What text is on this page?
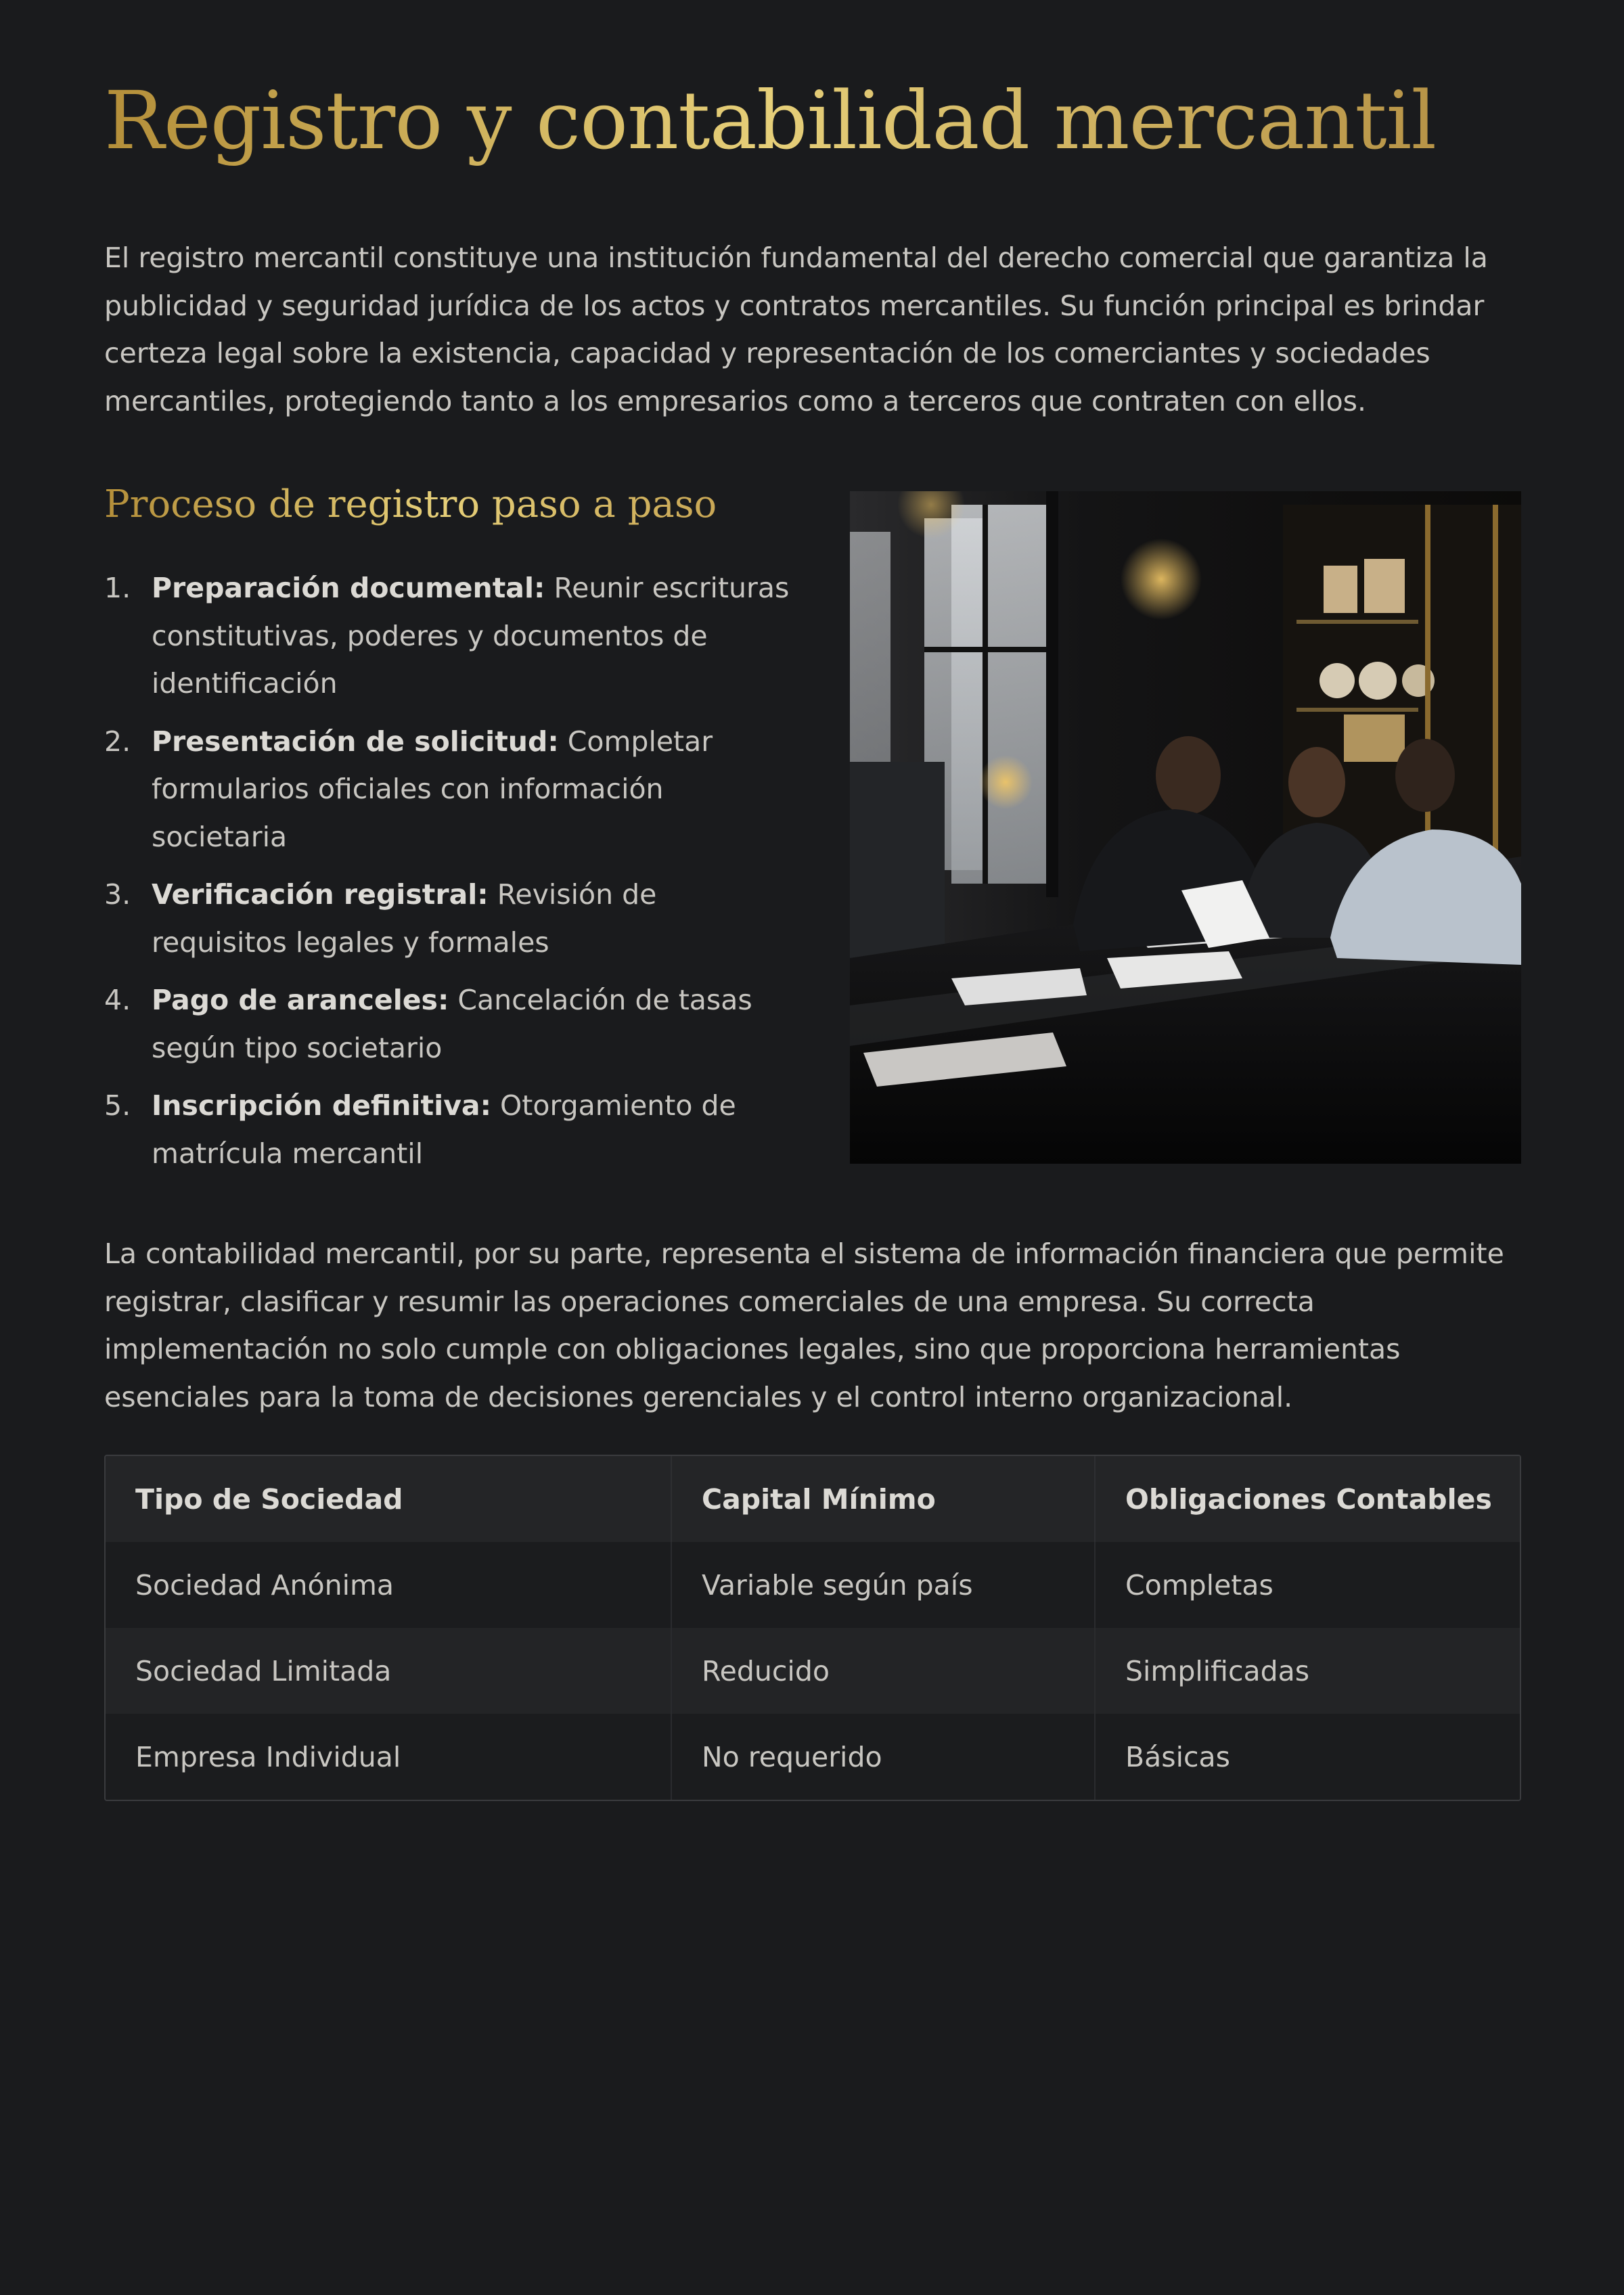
Registro y contabilidad mercantil

El registro mercantil constituye una institución fundamental del derecho comercial que garantiza la publicidad y seguridad jurídica de los actos y contratos mercantiles. Su función principal es brindar certeza legal sobre la existencia, capacidad y representación de los comerciantes y sociedades mercantiles, protegiendo tanto a los empresarios como a terceros que contraten con ellos.

Proceso de registro paso a paso
1. Preparación documental: Reunir escrituras constitutivas, poderes y documentos de identificación
2. Presentación de solicitud: Completar formularios oficiales con información societaria
3. Verificación registral: Revisión de requisitos legales y formales
4. Pago de aranceles: Cancelación de tasas según tipo societario
5. Inscripción definitiva: Otorgamiento de matrícula mercantil

La contabilidad mercantil, por su parte, representa el sistema de información financiera que permite registrar, clasificar y resumir las operaciones comerciales de una empresa. Su correcta implementación no solo cumple con obligaciones legales, sino que proporciona herramientas esenciales para la toma de decisiones gerenciales y el control interno organizacional.

Tipo de Sociedad	Capital Mínimo	Obligaciones Contables
Sociedad Anónima	Variable según país	Completas
Sociedad Limitada	Reducido	Simplificadas
Empresa Individual	No requerido	Básicas
